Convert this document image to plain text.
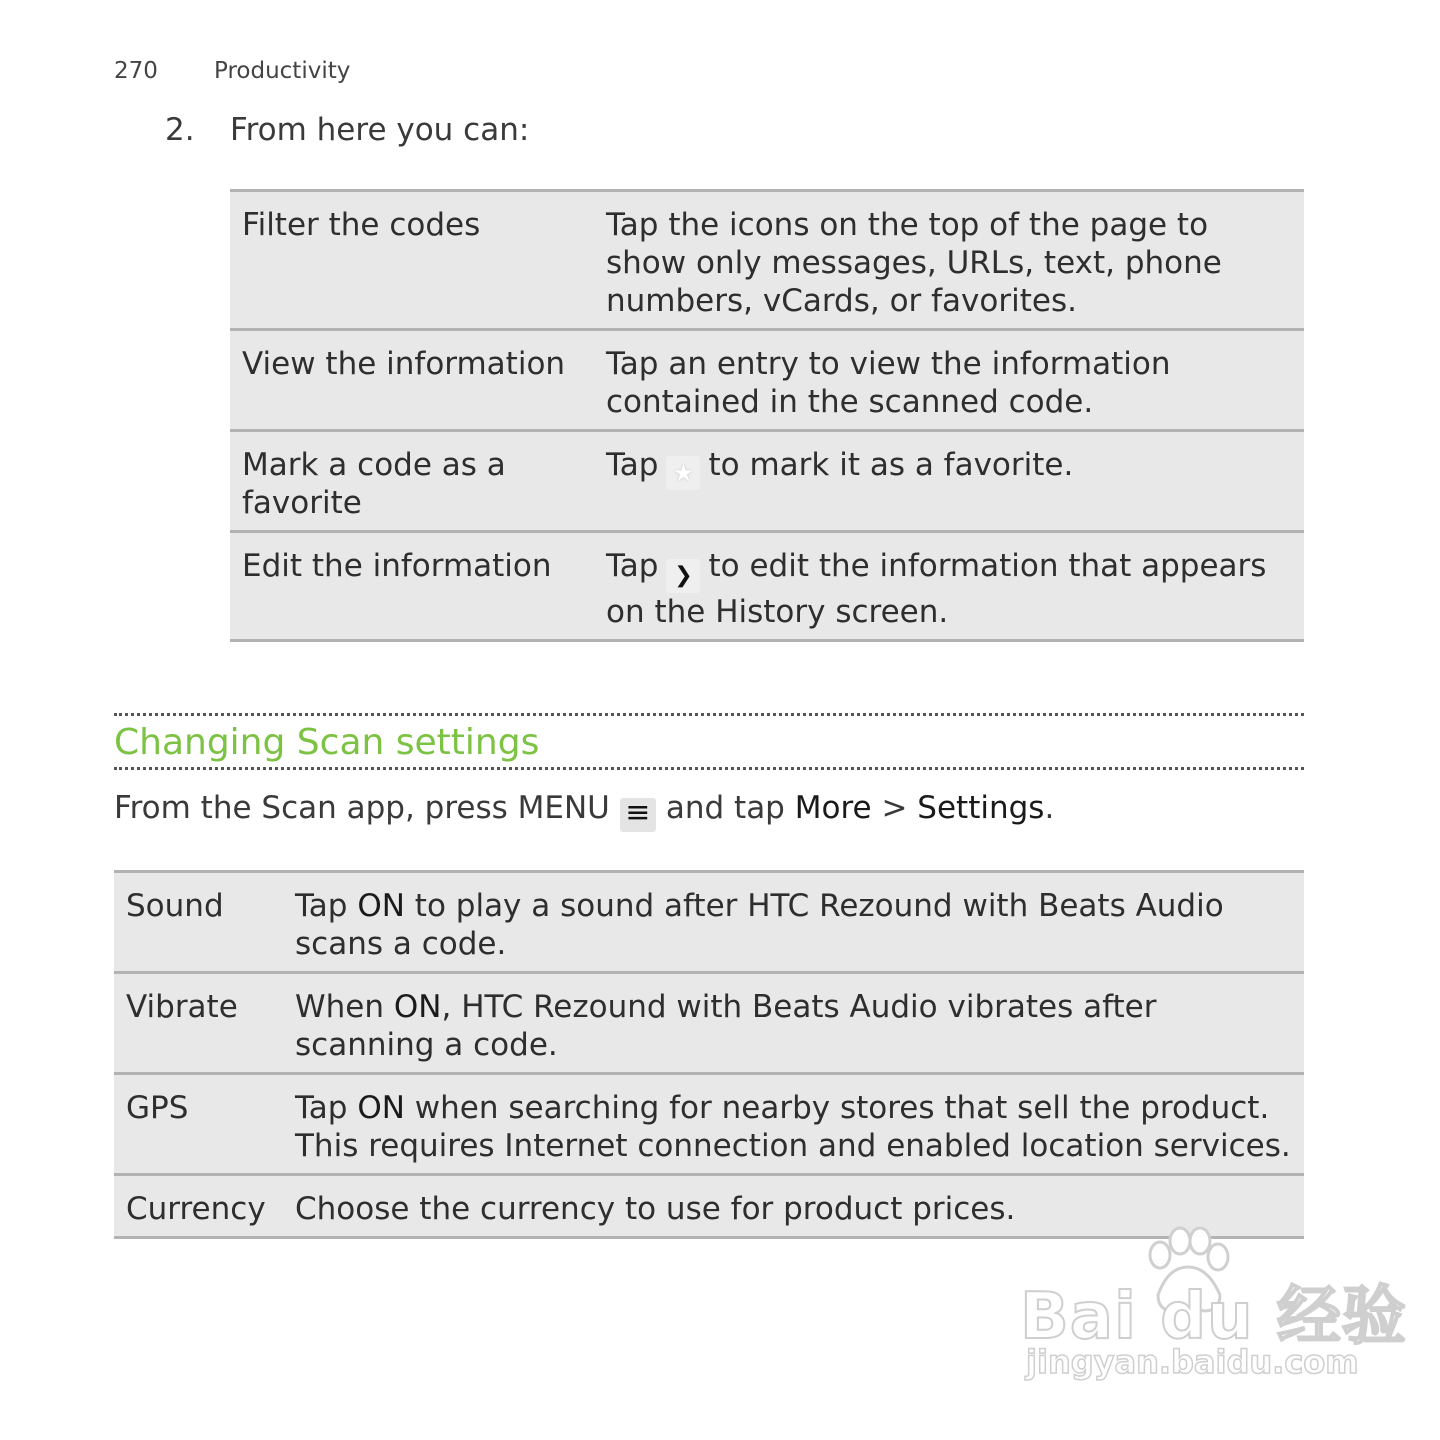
270 Productivity
2. From here you can:
Filter the codes	Tap the icons on the top of the page to show only messages, URLs, text, phone numbers, vCards, or favorites.
View the information	Tap an entry to view the information contained in the scanned code.
Mark a code as a favorite	Tap ★ to mark it as a favorite.
Edit the information	Tap ❯ to edit the information that appears on the History screen.
Changing Scan settings
From the Scan app, press MENU ≡ and tap More > Settings.
Sound	Tap ON to play a sound after HTC Rezound with Beats Audio scans a code.
Vibrate	When ON, HTC Rezound with Beats Audio vibrates after scanning a code.
GPS	Tap ON when searching for nearby stores that sell the product. This requires Internet connection and enabled location services.
Currency	Choose the currency to use for product prices.
Bai du 经验
jingyan.baidu.com
